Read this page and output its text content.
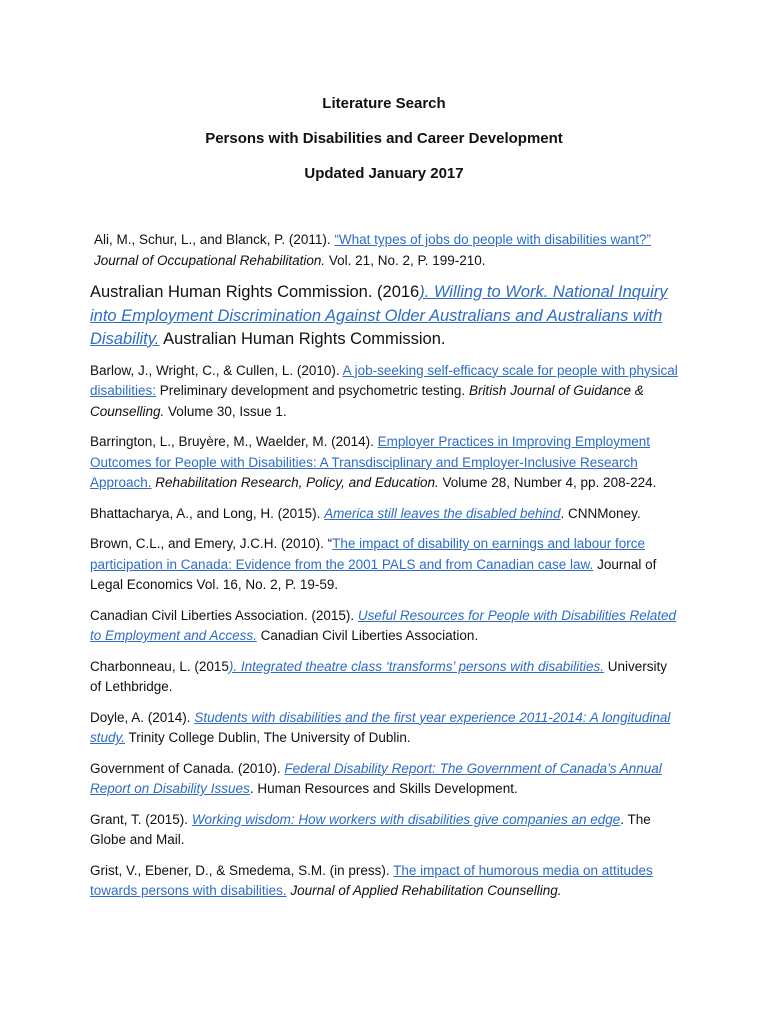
Literature Search

Persons with Disabilities and Career Development

Updated January 2017

Ali, M., Schur, L., and Blanck, P. (2011). “What types of jobs do people with disabilities want?” Journal of Occupational Rehabilitation. Vol. 21, No. 2, P. 199-210.

Australian Human Rights Commission. (2016). Willing to Work. National Inquiry into Employment Discrimination Against Older Australians and Australians with Disability. Australian Human Rights Commission.

Barlow, J., Wright, C., & Cullen, L. (2010). A job-seeking self-efficacy scale for people with physical disabilities: Preliminary development and psychometric testing. British Journal of Guidance & Counselling. Volume 30, Issue 1.

Barrington, L., Bruyère, M., Waelder, M. (2014). Employer Practices in Improving Employment Outcomes for People with Disabilities: A Transdisciplinary and Employer-Inclusive Research Approach. Rehabilitation Research, Policy, and Education. Volume 28, Number 4, pp. 208-224.

Bhattacharya, A., and Long, H. (2015). America still leaves the disabled behind. CNNMoney.

Brown, C.L., and Emery, J.C.H. (2010). “The impact of disability on earnings and labour force participation in Canada: Evidence from the 2001 PALS and from Canadian case law. Journal of Legal Economics Vol. 16, No. 2, P. 19-59.

Canadian Civil Liberties Association. (2015). Useful Resources for People with Disabilities Related to Employment and Access. Canadian Civil Liberties Association.

Charbonneau, L. (2015). Integrated theatre class ‘transforms’ persons with disabilities. University of Lethbridge.

Doyle, A. (2014). Students with disabilities and the first year experience 2011-2014: A longitudinal study. Trinity College Dublin, The University of Dublin.

Government of Canada. (2010). Federal Disability Report: The Government of Canada’s Annual Report on Disability Issues. Human Resources and Skills Development.

Grant, T. (2015). Working wisdom: How workers with disabilities give companies an edge. The Globe and Mail.

Grist, V., Ebener, D., & Smedema, S.M. (in press). The impact of humorous media on attitudes towards persons with disabilities. Journal of Applied Rehabilitation Counselling.
